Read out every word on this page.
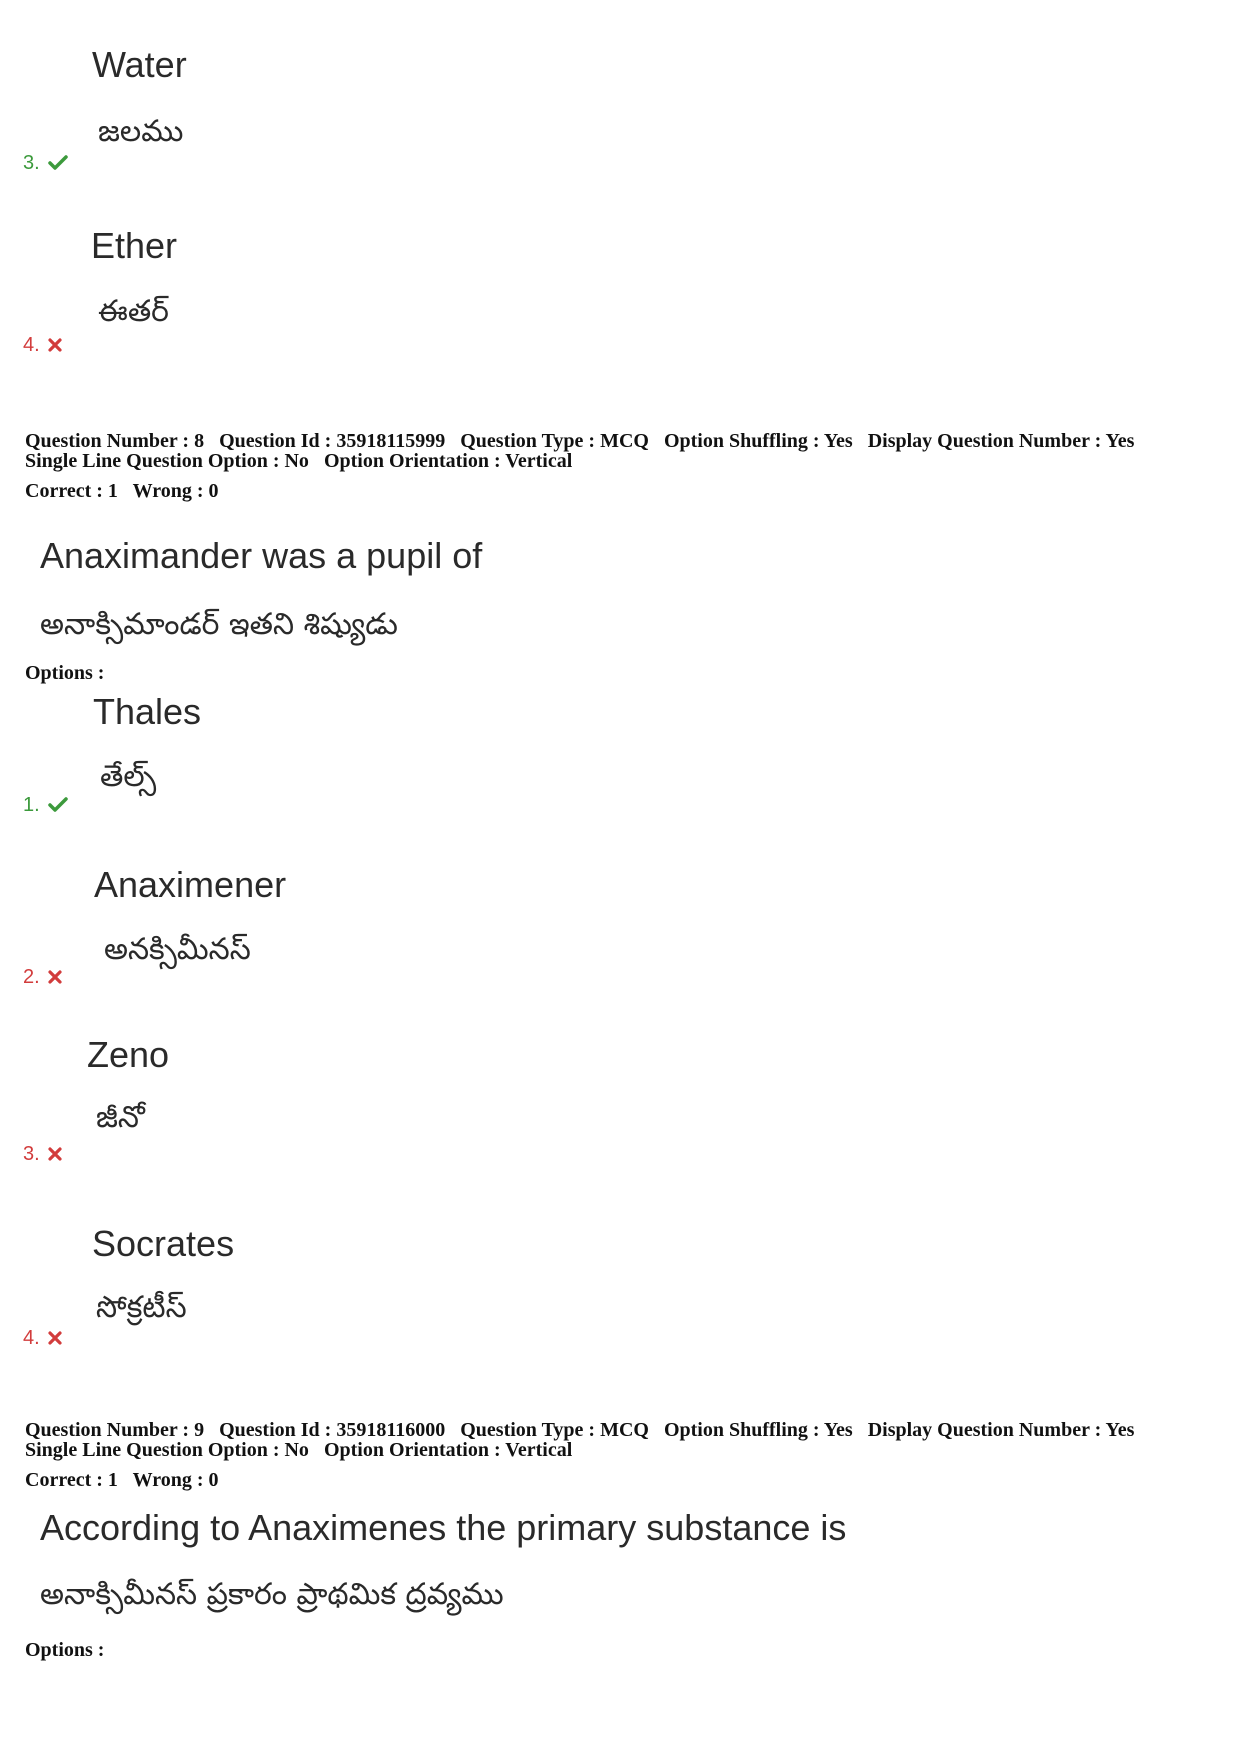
Water
జలము
3.
Ether
ఈతర్
4.
Question Number : 8 Question Id : 35918115999 Question Type : MCQ Option Shuffling : Yes Display Question Number : Yes
Single Line Question Option : No Option Orientation : Vertical
Correct : 1 Wrong : 0
Anaximander was a pupil of
అనాక్సిమాండర్ ఇతని శిష్యుడు
Options :
Thales
తేల్స్
1.
Anaximener
అనక్సిమీనస్
2.
Zeno
జీనో
3.
Socrates
సోక్రటీస్
4.
Question Number : 9 Question Id : 35918116000 Question Type : MCQ Option Shuffling : Yes Display Question Number : Yes
Single Line Question Option : No Option Orientation : Vertical
Correct : 1 Wrong : 0
According to Anaximenes the primary substance is
అనాక్సిమీనస్ ప్రకారం ప్రాథమిక ద్రవ్యము
Options :
